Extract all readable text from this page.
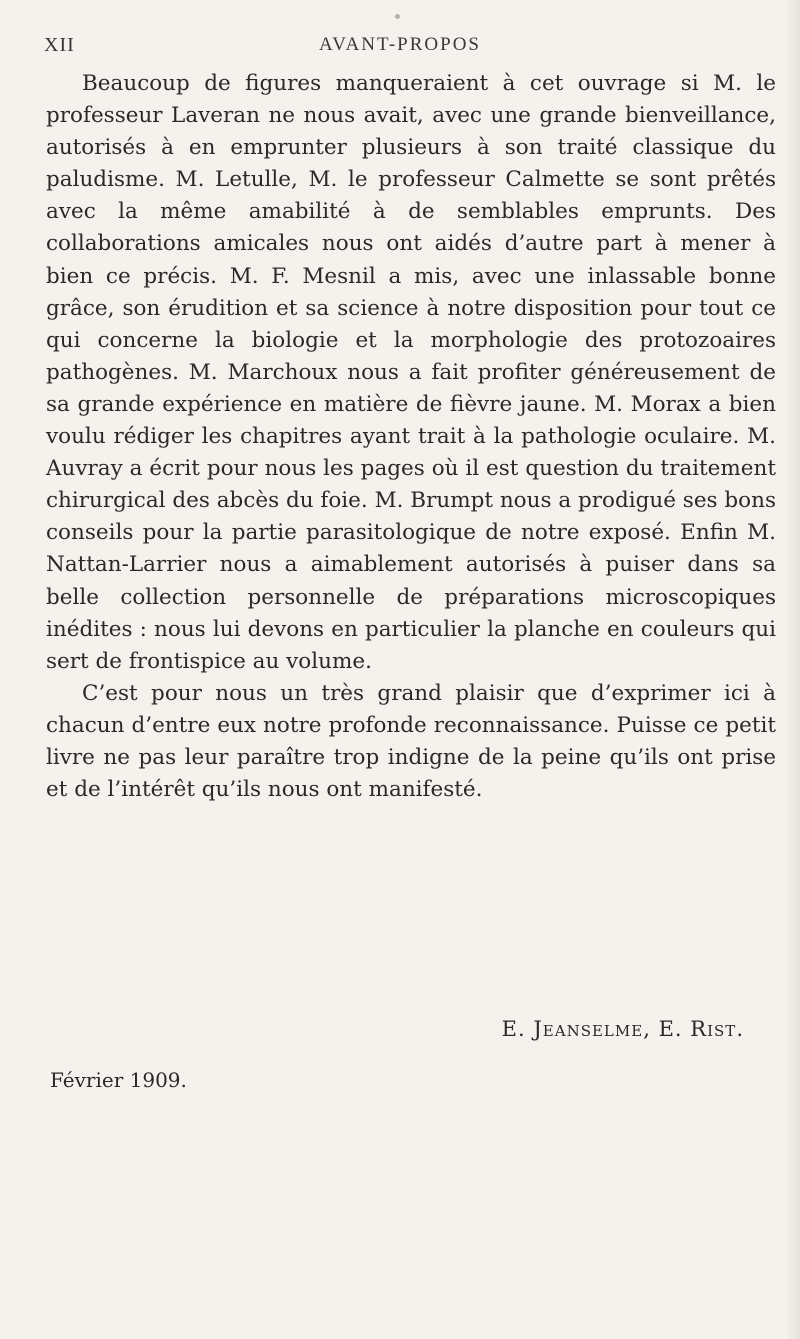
XII	AVANT-PROPOS

Beaucoup de figures manqueraient à cet ouvrage si M. le professeur Laveran ne nous avait, avec une grande bienveillance, autorisés à en emprunter plusieurs à son traité classique du paludisme. M. Letulle, M. le professeur Calmette se sont prêtés avec la même amabilité à de semblables emprunts. Des collaborations amicales nous ont aidés d’autre part à mener à bien ce précis. M. F. Mesnil a mis, avec une inlassable bonne grâce, son érudition et sa science à notre disposition pour tout ce qui concerne la biologie et la morphologie des protozoaires pathogènes. M. Marchoux nous a fait profiter généreusement de sa grande expérience en matière de fièvre jaune. M. Morax a bien voulu rédiger les chapitres ayant trait à la pathologie oculaire. M. Auvray a écrit pour nous les pages où il est question du traitement chirurgical des abcès du foie. M. Brumpt nous a prodigué ses bons conseils pour la partie parasitologique de notre exposé. Enfin M. Nattan-Larrier nous a aimablement autorisés à puiser dans sa belle collection personnelle de préparations microscopiques inédites : nous lui devons en particulier la planche en couleurs qui sert de frontispice au volume.

C’est pour nous un très grand plaisir que d’exprimer ici à chacun d’entre eux notre profonde reconnaissance. Puisse ce petit livre ne pas leur paraître trop indigne de la peine qu’ils ont prise et de l’intérêt qu’ils nous ont manifesté.

E. Jeanselme, E. Rist.
Février 1909.
